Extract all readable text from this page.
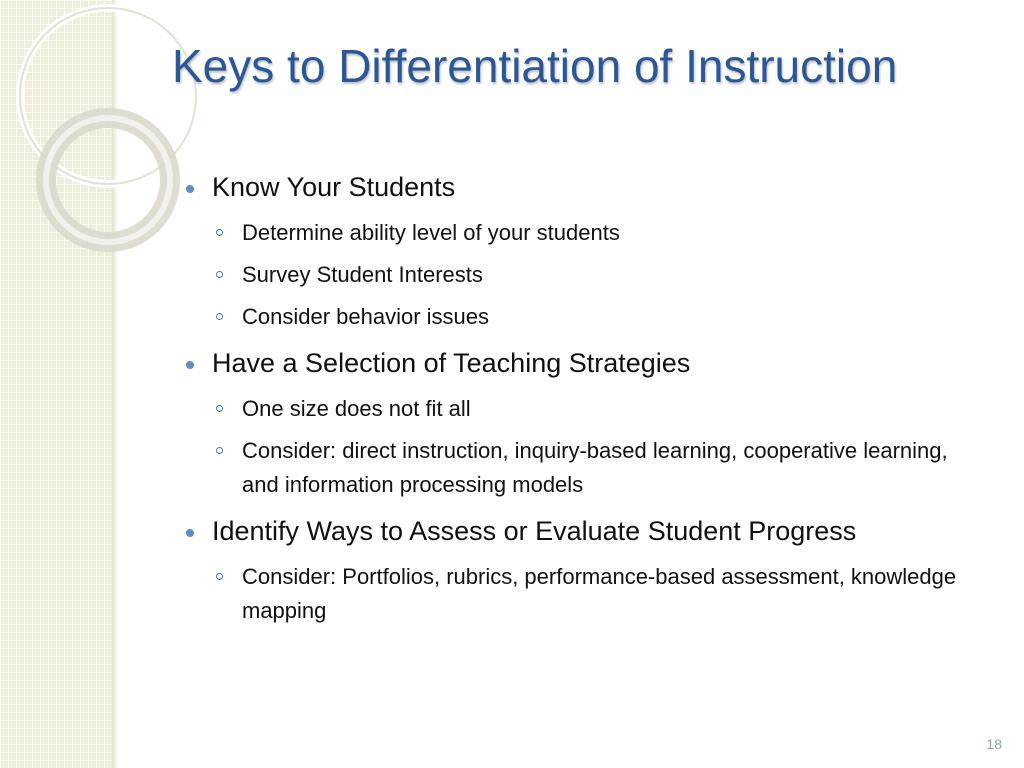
Keys to Differentiation of Instruction
Know Your Students
Determine ability level of your students
Survey Student Interests
Consider behavior issues
Have a Selection of Teaching Strategies
One size does not fit all
Consider: direct instruction, inquiry-based learning, cooperative learning, and information processing models
Identify Ways to Assess or Evaluate Student Progress
Consider: Portfolios, rubrics, performance-based assessment, knowledge mapping
18
